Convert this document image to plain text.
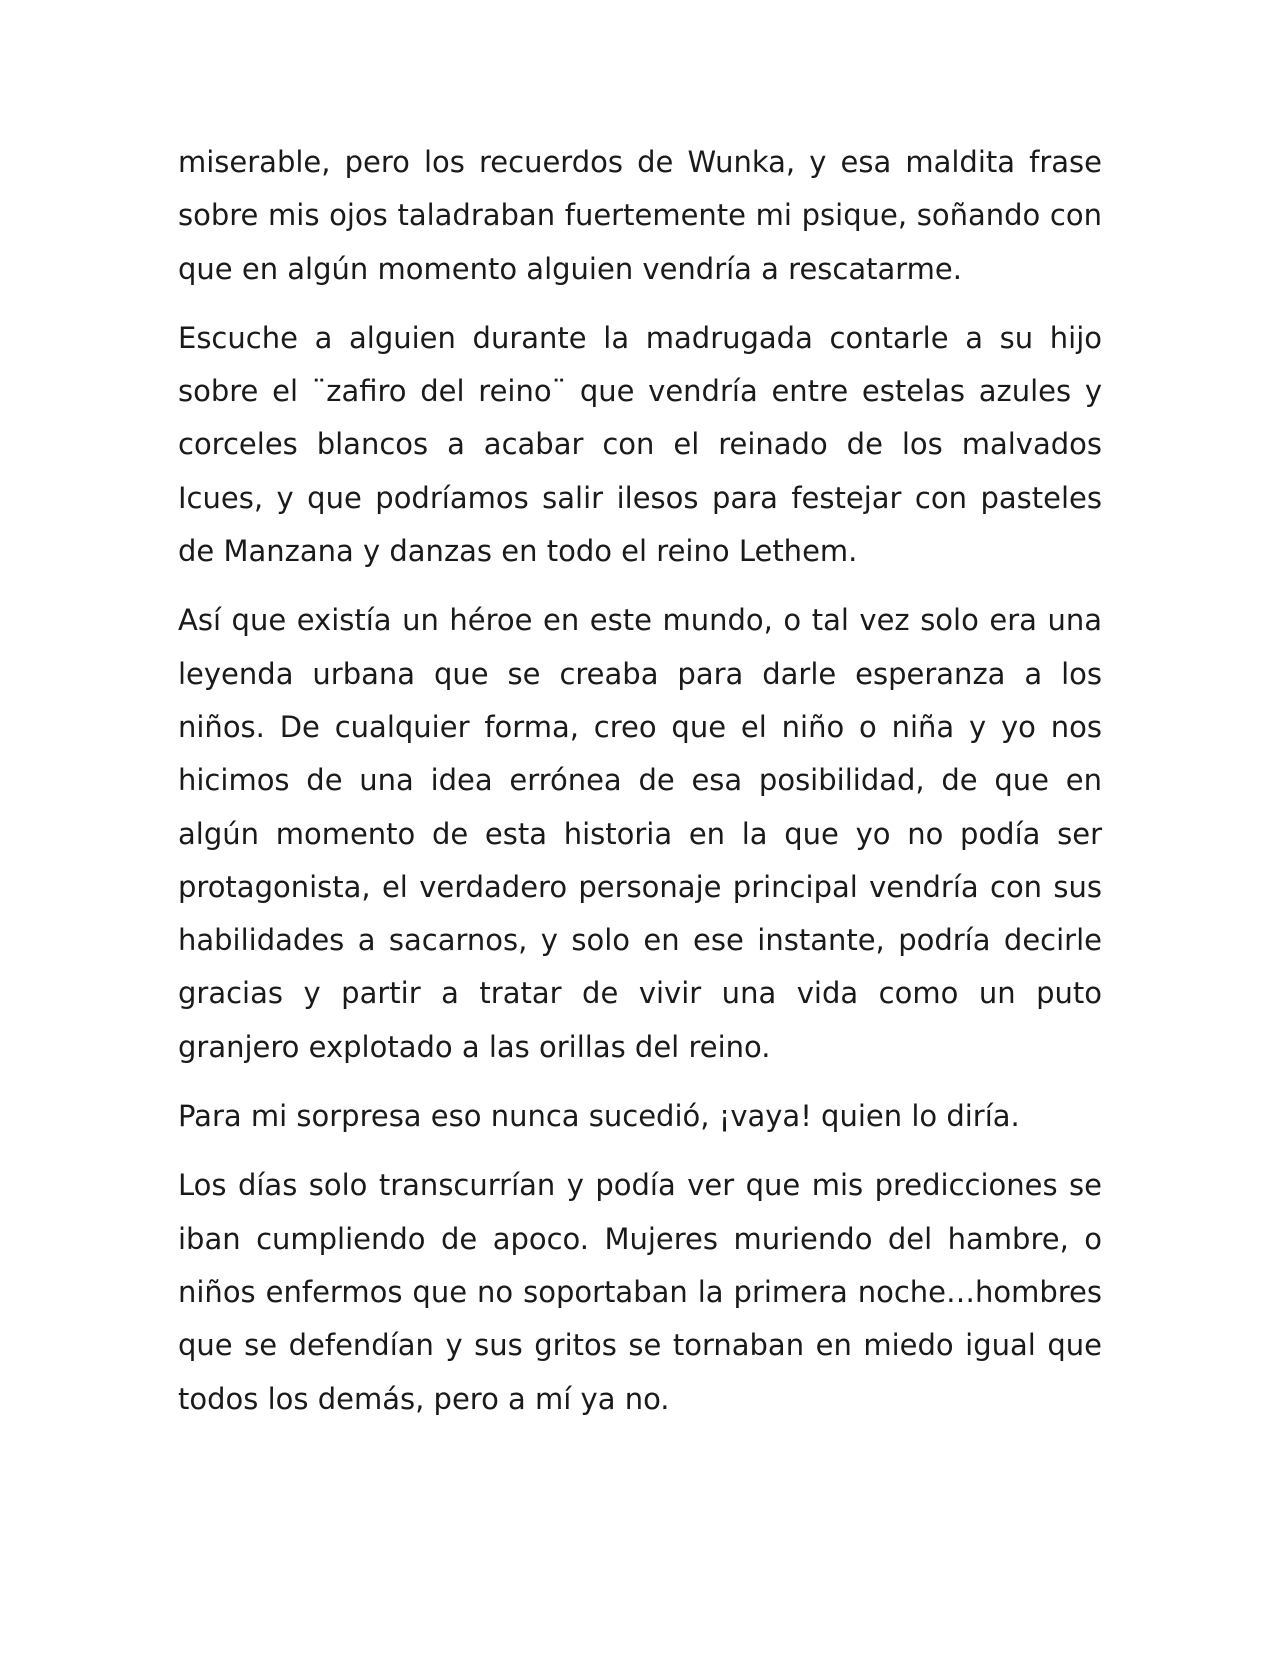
miserable, pero los recuerdos de Wunka, y esa maldita frase sobre mis ojos taladraban fuertemente mi psique, soñando con que en algún momento alguien vendría a rescatarme.

Escuche a alguien durante la madrugada contarle a su hijo sobre el ¨zafiro del reino¨ que vendría entre estelas azules y corceles blancos a acabar con el reinado de los malvados Icues, y que podríamos salir ilesos para festejar con pasteles de Manzana y danzas en todo el reino Lethem.

Así que existía un héroe en este mundo, o tal vez solo era una leyenda urbana que se creaba para darle esperanza a los niños. De cualquier forma, creo que el niño o niña y yo nos hicimos de una idea errónea de esa posibilidad, de que en algún momento de esta historia en la que yo no podía ser protagonista, el verdadero personaje principal vendría con sus habilidades a sacarnos, y solo en ese instante, podría decirle gracias y partir a tratar de vivir una vida como un puto granjero explotado a las orillas del reino.

Para mi sorpresa eso nunca sucedió, ¡vaya! quien lo diría.

Los días solo transcurrían y podía ver que mis predicciones se iban cumpliendo de apoco. Mujeres muriendo del hambre, o niños enfermos que no soportaban la primera noche…hombres que se defendían y sus gritos se tornaban en miedo igual que todos los demás, pero a mí ya no.
